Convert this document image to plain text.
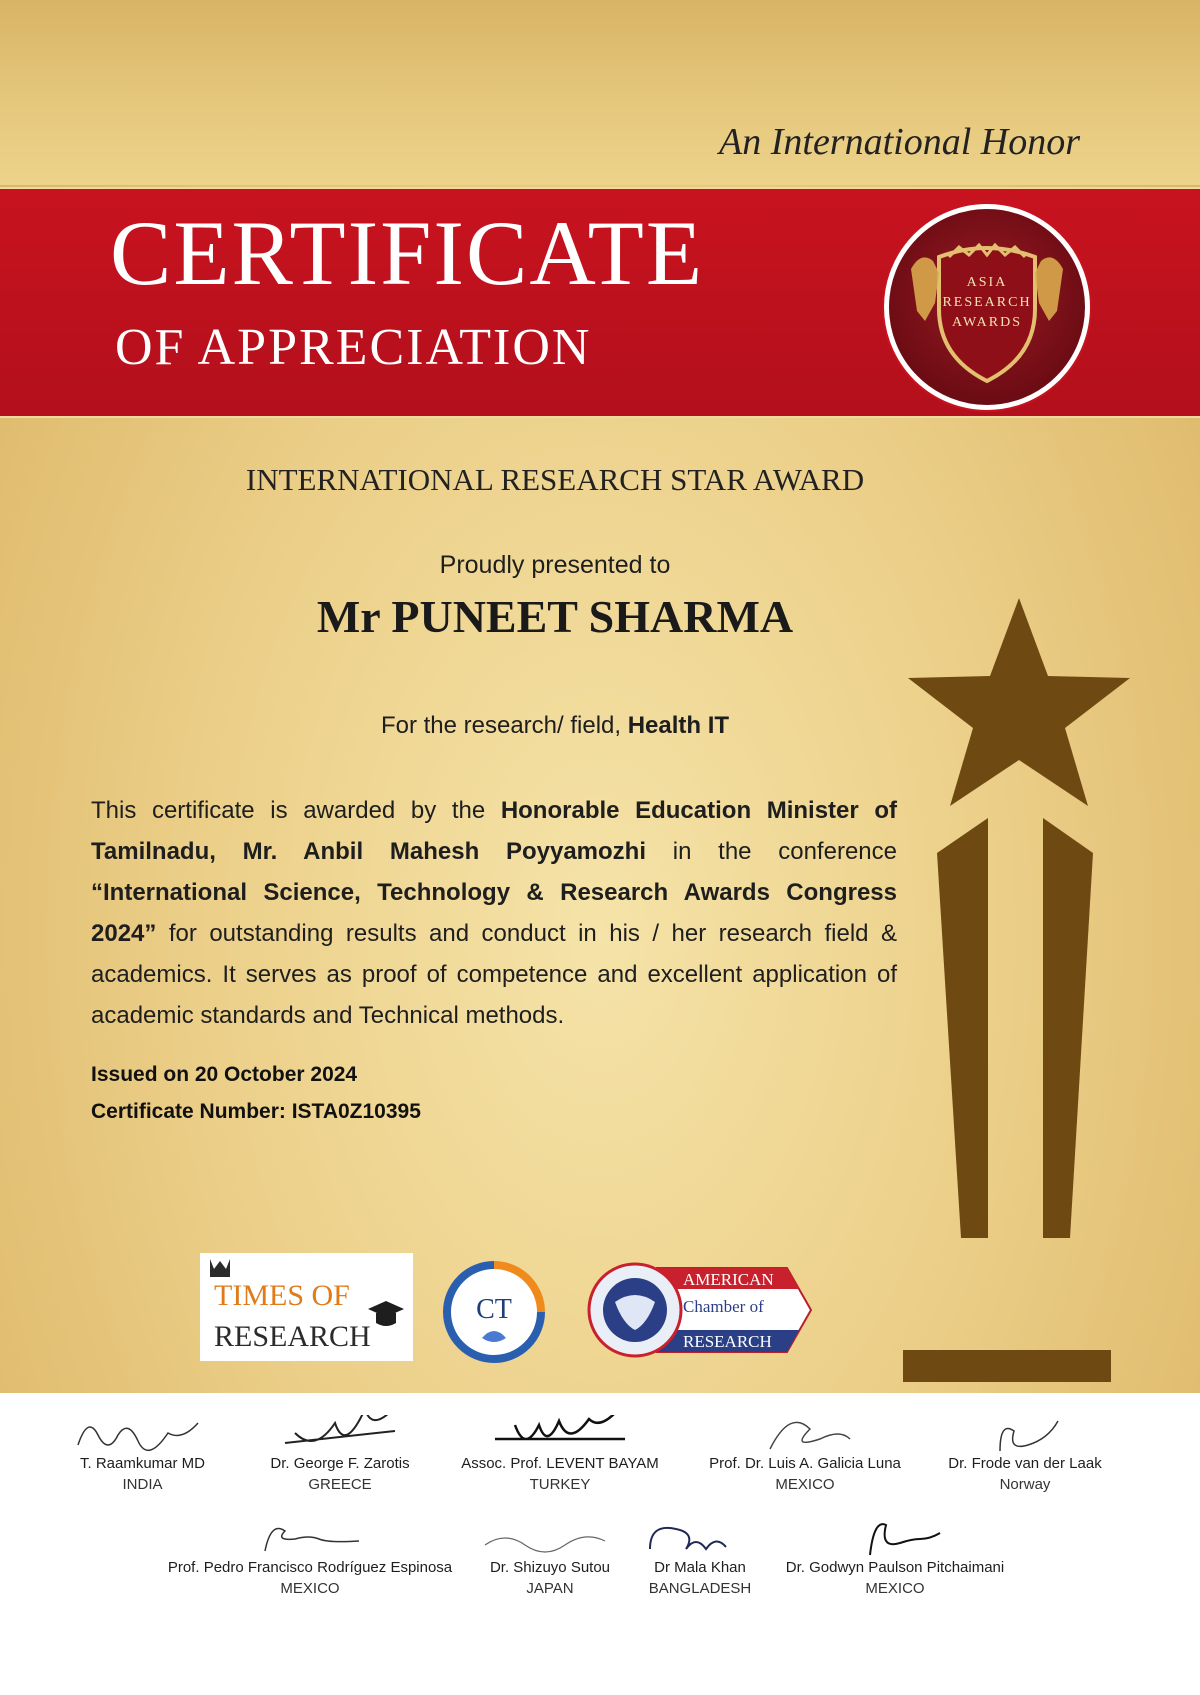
An International Honor
CERTIFICATE
OF APPRECIATION
ASIA
RESEARCH
AWARDS
INTERNATIONAL RESEARCH STAR AWARD
Proudly presented to
Mr PUNEET SHARMA
For the research/ field, Health IT
This certificate is awarded by the Honorable Education Minister of Tamilnadu, Mr. Anbil Mahesh Poyyamozhi in the conference “International Science, Technology & Research Awards Congress 2024” for outstanding results and conduct in his / her research field & academics. It serves as proof of competence and excellent application of academic standards and Technical methods.
Issued on 20 October 2024
Certificate Number: ISTA0Z10395
TIMES OF
RESEARCH
CT
AMERICAN
Chamber of
RESEARCH
T. Raamkumar MD
INDIA
Dr. George F. Zarotis
GREECE
Assoc. Prof. LEVENT BAYAM
TURKEY
Prof. Dr. Luis A. Galicia Luna
MEXICO
Dr. Frode van der Laak
Norway
Prof. Pedro Francisco Rodríguez Espinosa
MEXICO
Dr. Shizuyo Sutou
JAPAN
Dr Mala Khan
BANGLADESH
Dr. Godwyn Paulson Pitchaimani
MEXICO
